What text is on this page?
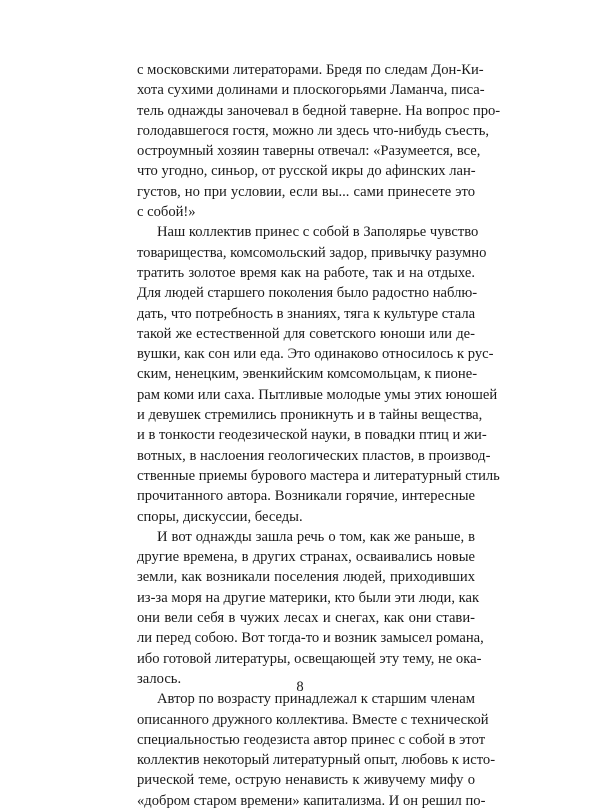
с московскими литераторами. Бредя по следам Дон-Ки-
хота сухими долинами и плоскогорьями Ламанча, писа-
тель однажды заночевал в бедной таверне. На вопрос про-
голодавшегося гостя, можно ли здесь что-нибудь съесть,
остроумный хозяин таверны отвечал: «Разумеется, все,
что угодно, синьор, от русской икры до афинских лан-
густов, но при условии, если вы... сами принесете это
с собой!»
Наш коллектив принес с собой в Заполярье чувство
товарищества, комсомольский задор, привычку разумно
тратить золотое время как на работе, так и на отдыхе.
Для людей старшего поколения было радостно наблю-
дать, что потребность в знаниях, тяга к культуре стала
такой же естественной для советского юноши или де-
вушки, как сон или еда. Это одинаково относилось к рус-
ским, ненецким, эвенкийским комсомольцам, к пионе-
рам коми или саха. Пытливые молодые умы этих юношей
и девушек стремились проникнуть и в тайны вещества,
и в тонкости геодезической науки, в повадки птиц и жи-
вотных, в наслоения геологических пластов, в производ-
ственные приемы бурового мастера и литературный стиль
прочитанного автора. Возникали горячие, интересные
споры, дискуссии, беседы.
И вот однажды зашла речь о том, как же раньше, в
другие времена, в других странах, осваивались новые
земли, как возникали поселения людей, приходивших
из-за моря на другие материки, кто были эти люди, как
они вели себя в чужих лесах и снегах, как они стави-
ли перед собою. Вот тогда-то и возник замысел романа,
ибо готовой литературы, освещающей эту тему, не ока-
залось.
Автор по возрасту принадлежал к старшим членам
описанного дружного коллектива. Вместе с технической
специальностью геодезиста автор принес с собой в этот
коллектив некоторый литературный опыт, любовь к исто-
рической теме, острую ненависть к живучему мифу о
«добром старом времени» капитализма. И он решил по-
8
